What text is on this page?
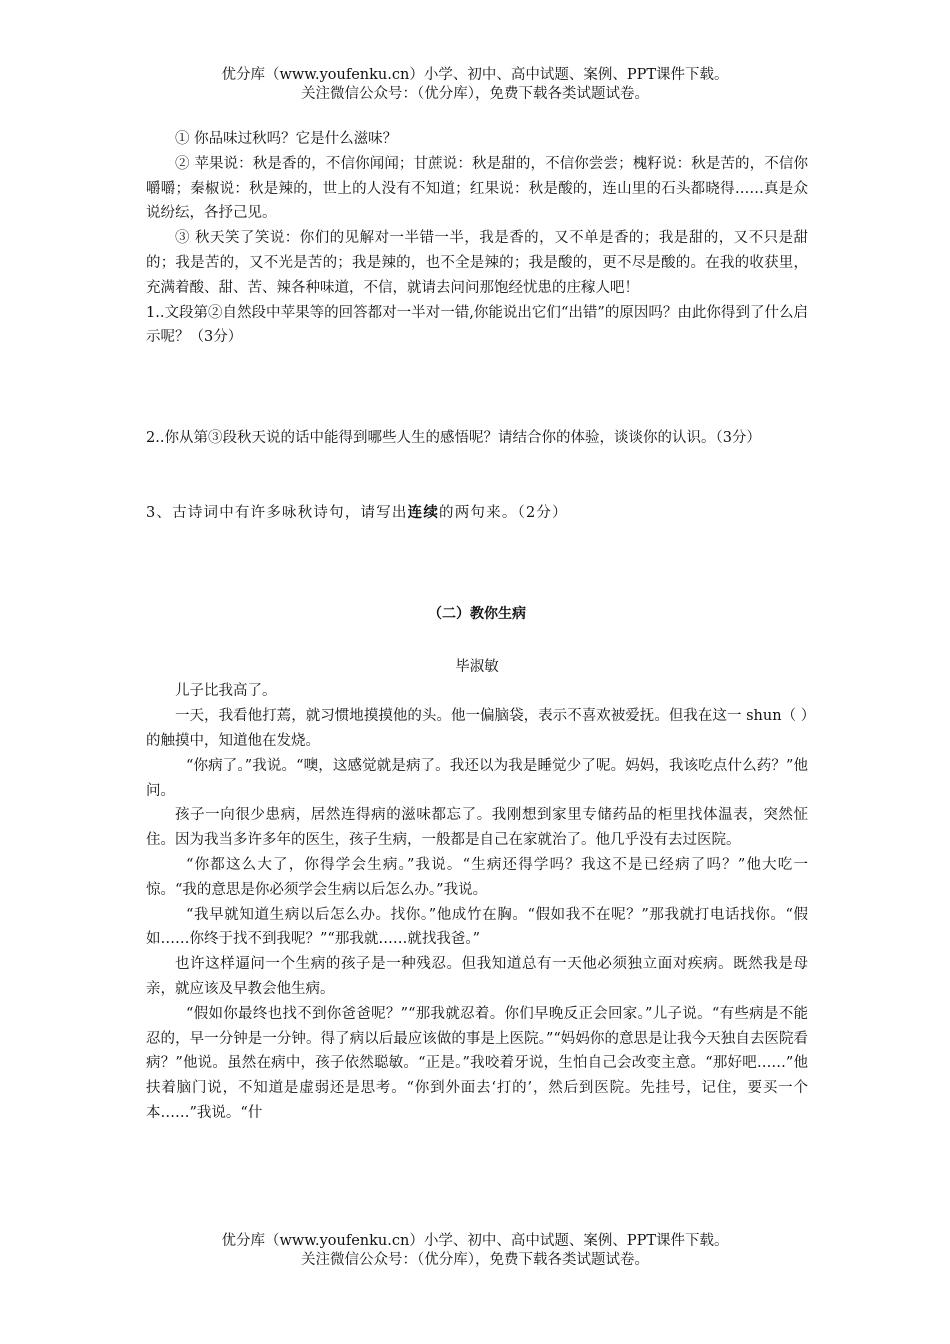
优分库（www.youfenku.cn）小学、初中、高中试题、案例、PPT课件下载。
关注微信公众号：（优分库），免费下载各类试题试卷。

① 你品味过秋吗？它是什么滋味？

② 苹果说：秋是香的，不信你闻闻；甘蔗说：秋是甜的，不信你尝尝；槐籽说：秋是苦的，不信你嚼嚼；秦椒说：秋是辣的，世上的人没有不知道；红果说：秋是酸的，连山里的石头都晓得……真是众说纷纭，各抒己见。

③ 秋天笑了笑说：你们的见解对一半错一半，我是香的，又不单是香的；我是甜的，又不只是甜的；我是苦的，又不光是苦的；我是辣的，也不全是辣的；我是酸的，更不尽是酸的。在我的收获里，充满着酸、甜、苦、辣各种味道，不信，就请去问问那饱经忧患的庄稼人吧！

1..文段第②自然段中苹果等的回答都对一半对一错,你能说出它们“出错”的原因吗？由此你得到了什么启示呢？（3分）

2..你从第③段秋天说的话中能得到哪些人生的感悟呢？请结合你的体验，谈谈你的认识。（3分）

3、古诗词中有许多咏秋诗句，请写出连续的两句来。（2分）

（二）教你生病

毕淑敏

儿子比我高了。

一天，我看他打蔫，就习惯地摸摸他的头。他一偏脑袋，表示不喜欢被爱抚。但我在这一 shun（ ）的触摸中，知道他在发烧。

“你病了。”我说。“噢，这感觉就是病了。我还以为我是睡觉少了呢。妈妈，我该吃点什么药？”他问。

孩子一向很少患病，居然连得病的滋味都忘了。我刚想到家里专储药品的柜里找体温表，突然怔住。因为我当多许多年的医生，孩子生病，一般都是自己在家就治了。他几乎没有去过医院。

“你都这么大了，你得学会生病。”我说。“生病还得学吗？我这不是已经病了吗？”他大吃一惊。“我的意思是你必须学会生病以后怎么办。”我说。

“我早就知道生病以后怎么办。找你。”他成竹在胸。“假如我不在呢？”那我就打电话找你。“假如……你终于找不到我呢？”“那我就……就找我爸。”

也许这样逼问一个生病的孩子是一种残忍。但我知道总有一天他必须独立面对疾病。既然我是母亲，就应该及早教会他生病。

“假如你最终也找不到你爸爸呢？”“那我就忍着。你们早晚反正会回家。”儿子说。“有些病是不能忍的，早一分钟是一分钟。得了病以后最应该做的事是上医院。”“妈妈你的意思是让我今天独自去医院看病？”他说。虽然在病中，孩子依然聪敏。“正是。”我咬着牙说，生怕自己会改变主意。“那好吧……”他扶着脑门说，不知道是虚弱还是思考。“你到外面去‘打的’，然后到医院。先挂号，记住，要买一个本……”我说。“什

优分库（www.youfenku.cn）小学、初中、高中试题、案例、PPT课件下载。
关注微信公众号：（优分库），免费下载各类试题试卷。
